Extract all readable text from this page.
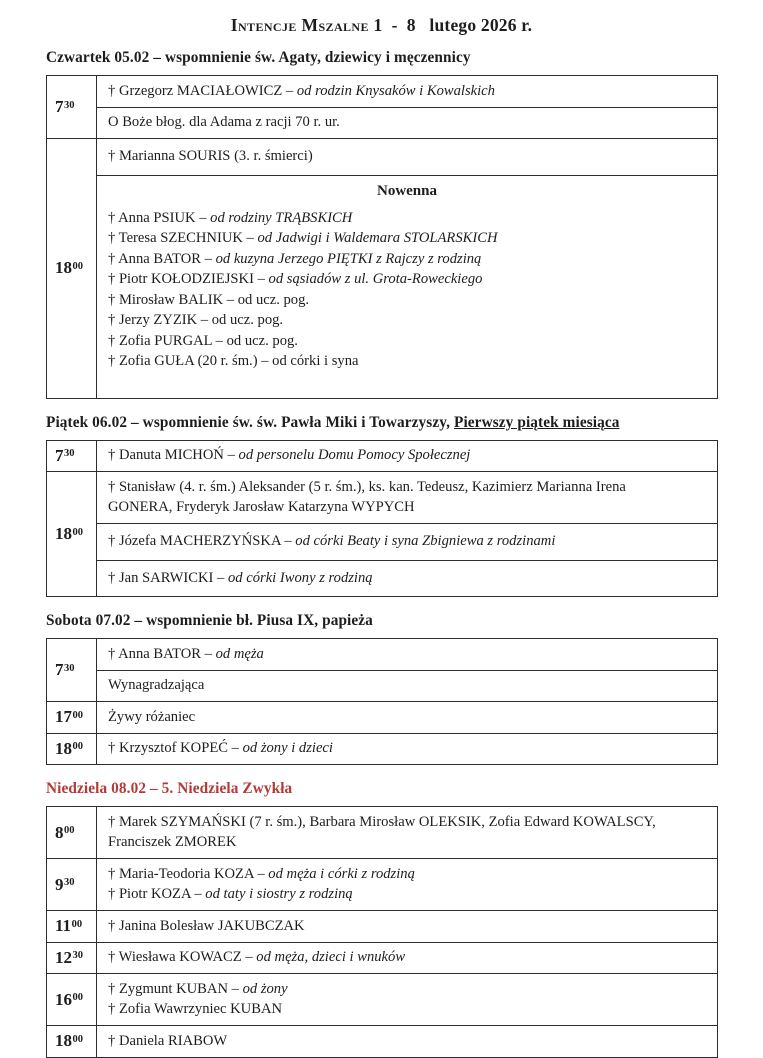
Intencje Mszalne 1  -  8   lutego 2026 r.
Czwartek 05.02 – wspomnienie św. Agaty, dziewicy i męczennicy
$7^{30}$
† Grzegorz MACIAŁOWICZ – od rodzin Knysaków i Kowalskich
O Boże błog. dla Adama z racji 70 r. ur.
$18^{00}$
† Marianna SOURIS (3. r. śmierci)
Nowenna
† Anna PSIUK – od rodziny TRĄBSKICH
† Teresa SZECHNIUK – od Jadwigi i Waldemara STOLARSKICH
† Anna BATOR – od kuzyna Jerzego PIĘTKI z Rajczy z rodziną
† Piotr KOŁODZIEJSKI – od sąsiadów z ul. Grota-Roweckiego
† Mirosław BALIK – od ucz. pog.
† Jerzy ZYZIK – od ucz. pog.
† Zofia PURGAL – od ucz. pog.
† Zofia GUŁA (20 r. śm.) – od córki i syna
Piątek 06.02 – wspomnienie św. św. Pawła Miki i Towarzyszy, Pierwszy piątek miesiąca
$7^{30}$ † Danuta MICHOŃ – od personelu Domu Pomocy Społecznej
$18^{00}$
† Stanisław (4. r. śm.) Aleksander (5 r. śm.), ks. kan. Tedeusz, Kazimierz Marianna Irena
GONERA, Fryderyk Jarosław Katarzyna WYPYCH
† Józefa MACHERZYŃSKA – od córki Beaty i syna Zbigniewa z rodzinami
† Jan SARWICKI – od córki Iwony z rodziną
Sobota 07.02 – wspomnienie bł. Piusa IX, papieża
$7^{30}$
† Anna BATOR – od męża
Wynagradzająca
$17^{00}$ Żywy różaniec
$18^{00}$ † Krzysztof KOPEĆ – od żony i dzieci
Niedziela 08.02 – 5. Niedziela Zwykła
$8^{00}$
† Marek SZYMAŃSKI (7 r. śm.), Barbara Mirosław OLEKSIK, Zofia Edward KOWALSCY,
Franciszek ZMOREK
$9^{30}$
† Maria-Teodoria KOZA – od męża i córki z rodziną
† Piotr KOZA – od taty i siostry z rodziną
$11^{00}$ † Janina Bolesław JAKUBCZAK
$12^{30}$ † Wiesława KOWACZ – od męża, dzieci i wnuków
$16^{00}$
† Zygmunt KUBAN – od żony
† Zofia Wawrzyniec KUBAN
$18^{00}$ † Daniela RIABOW
